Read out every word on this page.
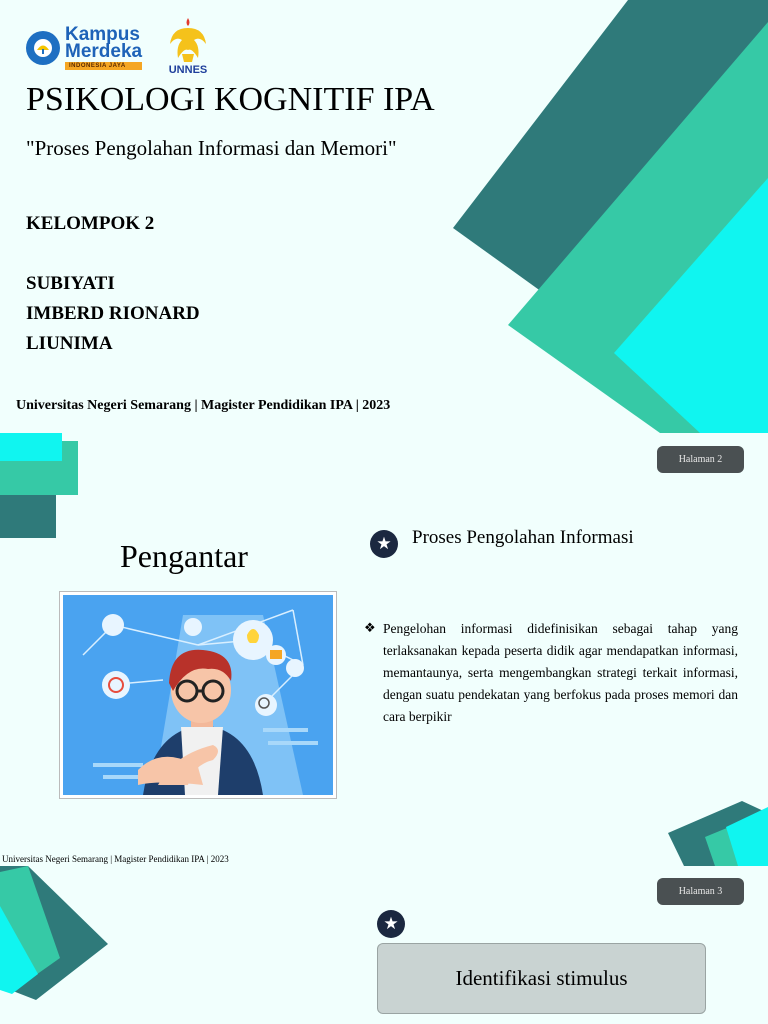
Kampus
Merdeka
INDONESIA JAYA	UNNES
PSIKOLOGI KOGNITIF IPA

"Proses Pengolahan Informasi dan Memori"

KELOMPOK 2
SUBIYATI
IMBERD RIONARD
LIUNIMA
Universitas Negeri Semarang | Magister Pendidikan IPA | 2023
Halaman 2
Pengantar	★	Proses Pengolahan Informasi
❖ Pengelohan informasi didefinisikan sebagai tahap yang terlaksanakan kepada peserta didik agar mendapatkan informasi, memantaunya, serta mengembangkan strategi terkait informasi, dengan suatu pendekatan yang berfokus pada proses memori dan cara berpikir
Universitas Negeri Semarang | Magister Pendidikan IPA | 2023
Halaman 3
★
Identifikasi stimulus
